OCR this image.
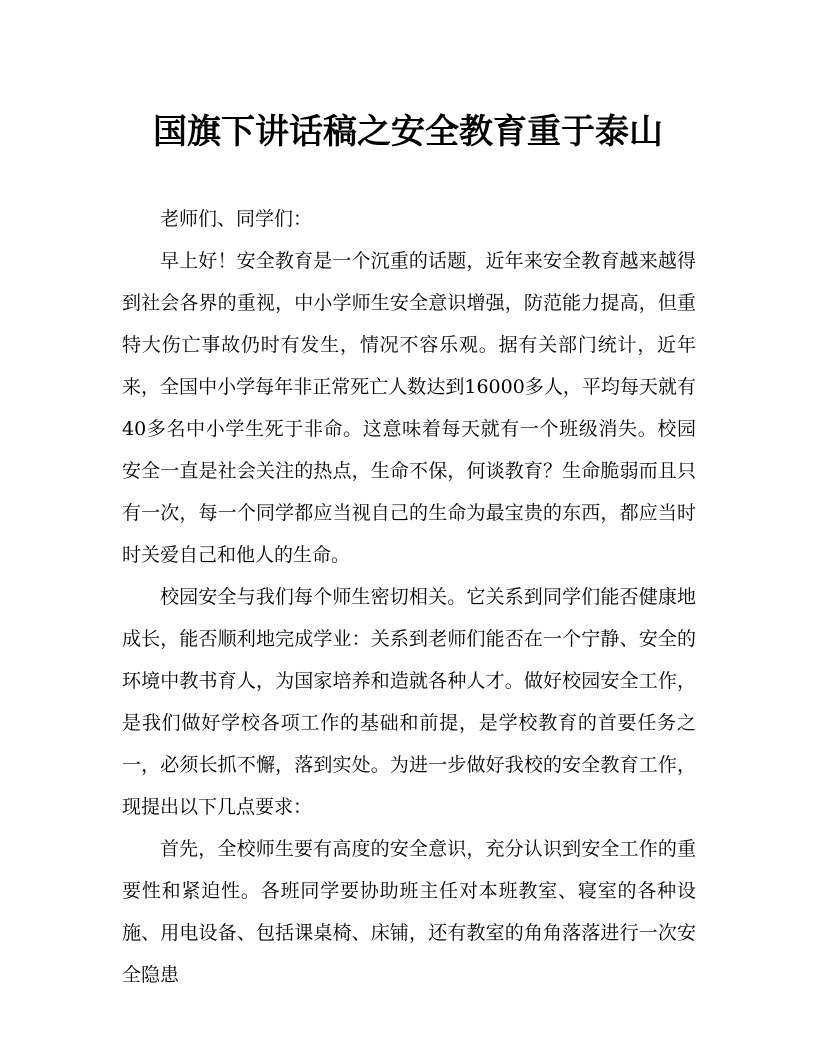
国旗下讲话稿之安全教育重于泰山

老师们、同学们：

早上好！安全教育是一个沉重的话题，近年来安全教育越来越得到社会各界的重视，中小学师生安全意识增强，防范能力提高，但重特大伤亡事故仍时有发生，情况不容乐观。据有关部门统计，近年来，全国中小学每年非正常死亡人数达到16000多人，平均每天就有40多名中小学生死于非命。这意味着每天就有一个班级消失。校园安全一直是社会关注的热点，生命不保，何谈教育？生命脆弱而且只有一次，每一个同学都应当视自己的生命为最宝贵的东西，都应当时时关爱自己和他人的生命。

校园安全与我们每个师生密切相关。它关系到同学们能否健康地成长，能否顺利地完成学业：关系到老师们能否在一个宁静、安全的环境中教书育人，为国家培养和造就各种人才。做好校园安全工作，是我们做好学校各项工作的基础和前提，是学校教育的首要任务之一，必须长抓不懈，落到实处。为进一步做好我校的安全教育工作，现提出以下几点要求：

首先，全校师生要有高度的安全意识，充分认识到安全工作的重要性和紧迫性。各班同学要协助班主任对本班教室、寝室的各种设施、用电设备、包括课桌椅、床铺，还有教室的角角落落进行一次安全隐患
